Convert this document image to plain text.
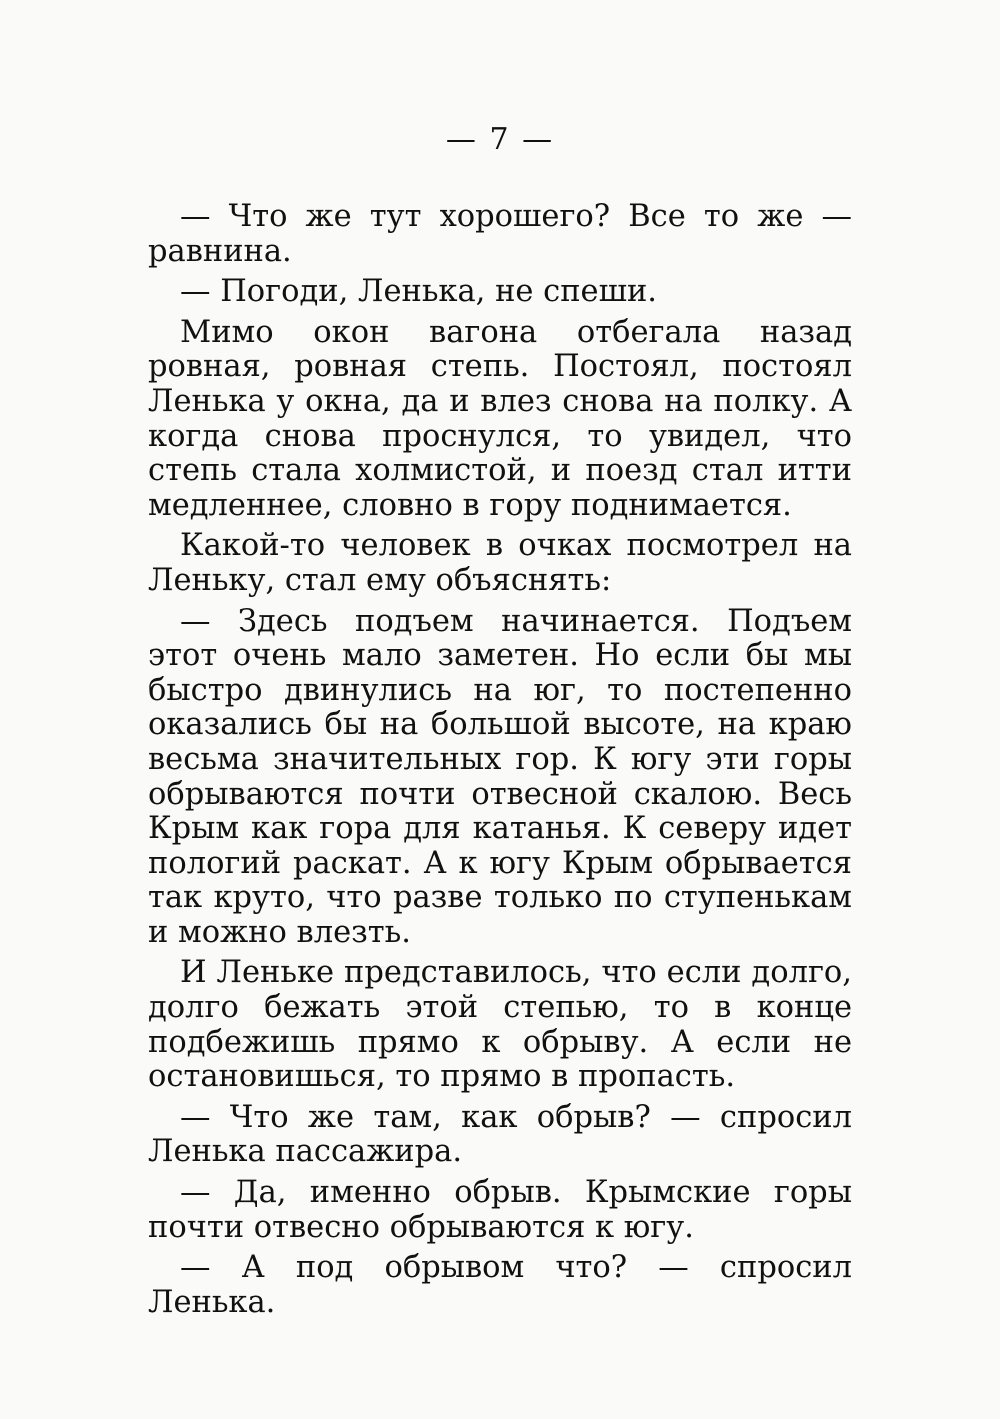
— 7 —

— Что же тут хорошего? Все то же — равнина.

— Погоди, Ленька, не спеши.

Мимо окон вагона отбегала назад ровная, ровная степь. Постоял, постоял Ленька у окна, да и влез снова на полку. А когда снова проснулся, то увидел, что степь стала холмистой, и поезд стал итти медленнее, словно в гору поднимается.

Какой-то человек в очках посмотрел на Леньку, стал ему объяснять:

— Здесь подъем начинается. Подъем этот очень мало заметен. Но если бы мы быстро двинулись на юг, то постепенно оказались бы на большой высоте, на краю весьма значительных гор. К югу эти горы обрываются почти отвесной скалою. Весь Крым как гора для катанья. К северу идет пологий раскат. А к югу Крым обрывается так круто, что разве только по ступенькам и можно влезть.

И Леньке представилось, что если долго, долго бежать этой степью, то в конце подбежишь прямо к обрыву. А если не остановишься, то прямо в пропасть.

— Что же там, как обрыв? — спросил Ленька пассажира.

— Да, именно обрыв. Крымские горы почти отвесно обрываются к югу.

— А под обрывом что? — спросил Ленька.
